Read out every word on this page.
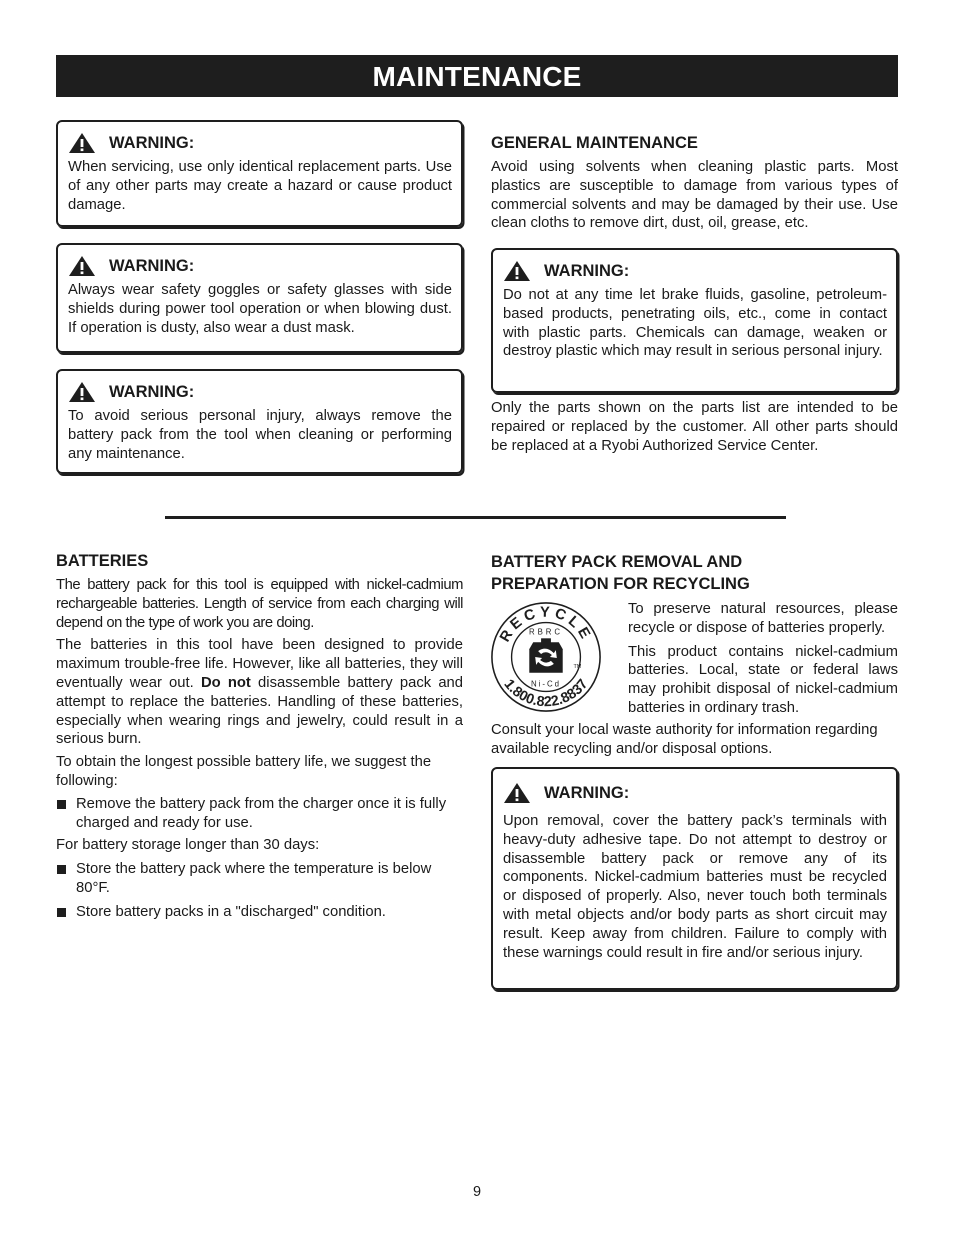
MAINTENANCE
WARNING:
When servicing, use only identical replacement parts. Use of any other parts may create a hazard or cause product damage.
WARNING:
Always wear safety goggles or safety glasses with side shields during power tool operation or when blowing dust. If operation is dusty, also wear a dust mask.
WARNING:
To avoid serious personal injury, always remove the battery pack from the tool when cleaning or performing any maintenance.
GENERAL MAINTENANCE
Avoid using solvents when cleaning plastic parts. Most plastics are susceptible to damage from various types of commercial solvents and may be damaged by their use. Use clean cloths to remove dirt, dust, oil, grease, etc.
WARNING:
Do not at any time let brake fluids, gasoline, petroleum-based products, penetrating oils, etc., come in contact with plastic parts. Chemicals can damage, weaken or destroy plastic which may result in serious personal injury.
Only the parts shown on the parts list are intended to be repaired or replaced by the customer. All other parts should be replaced at a Ryobi Authorized Service Center.
BATTERIES

The battery pack for this tool is equipped with nickel-cadmium rechargeable batteries. Length of service from each charging will depend on the type of work you are doing.

The batteries in this tool have been designed to provide maximum trouble-free life. However, like all batteries, they will eventually wear out. Do not disassemble battery pack and attempt to replace the batteries. Handling of these batteries, especially when wearing rings and jewelry, could result in a serious burn.

To obtain the longest possible battery life, we suggest the following:

Remove the battery pack from the charger once it is fully charged and ready for use.

For battery storage longer than 30 days:

Store the battery pack where the temperature is below 80°F.

Store battery packs in a "discharged" condition.

BATTERY PACK REMOVAL AND
PREPARATION FOR RECYCLING
RECYCLE
1.800.822.8837
RBRC
Ni-Cd
TM

To preserve natural resources, please recycle or dispose of batteries properly.

This product contains nickel-cadmium batteries. Local, state or federal laws may prohibit disposal of nickel-cadmium batteries in ordinary trash.

Consult your local waste authority for information regarding available recycling and/or disposal options.
WARNING:
Upon removal, cover the battery pack’s terminals with heavy-duty adhesive tape. Do not attempt to destroy or disassemble battery pack or remove any of its components. Nickel-cadmium batteries must be recycled or disposed of properly. Also, never touch both terminals with metal objects and/or body parts as short circuit may result. Keep away from children. Failure to comply with these warnings could result in fire and/or serious injury.
9
